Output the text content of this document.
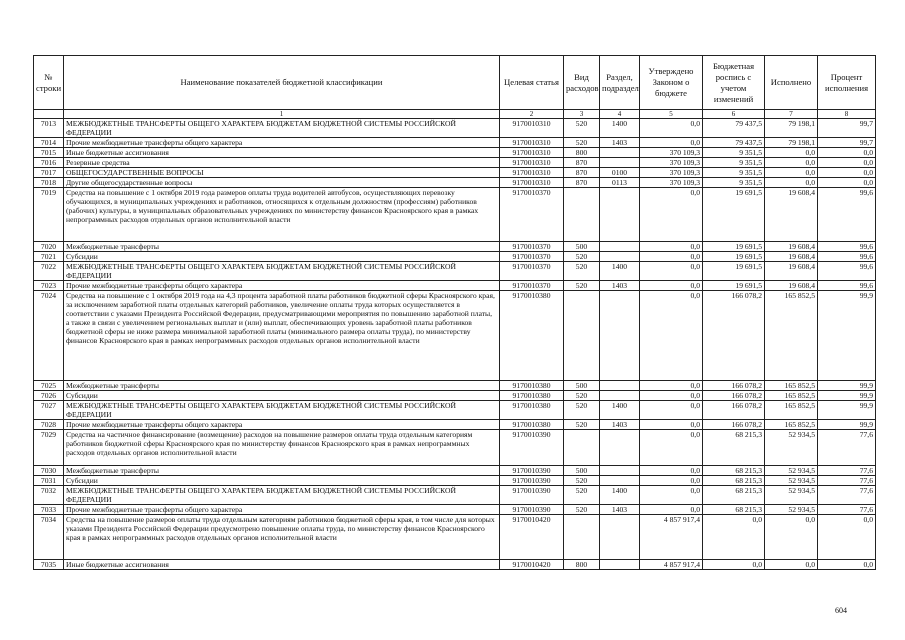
№ строки	Наименование показателей бюджетной классификации	Целевая статья	Вид расходов	Раздел, подраздел	Утверждено Законом о бюджете	Бюджетная роспись с учетом изменений	Исполнено	Процент исполнения
	1	2	3	4	5	6	7	8
7013	МЕЖБЮДЖЕТНЫЕ ТРАНСФЕРТЫ ОБЩЕГО ХАРАКТЕРА БЮДЖЕТАМ БЮДЖЕТНОЙ СИСТЕМЫ РОССИЙСКОЙ ФЕДЕРАЦИИ	9170010310	520	1400	0,0	79 437,5	79 198,1	99,7
7014	Прочие межбюджетные трансферты общего характера	9170010310	520	1403	0,0	79 437,5	79 198,1	99,7
7015	Иные бюджетные ассигнования	9170010310	800		370 109,3	9 351,5	0,0	0,0
7016	Резервные средства	9170010310	870		370 109,3	9 351,5	0,0	0,0
7017	ОБЩЕГОСУДАРСТВЕННЫЕ ВОПРОСЫ	9170010310	870	0100	370 109,3	9 351,5	0,0	0,0
7018	Другие общегосударственные вопросы	9170010310	870	0113	370 109,3	9 351,5	0,0	0,0
7019	Средства на повышение с 1 октября 2019 года размеров оплаты труда водителей автобусов, осуществляющих перевозку обучающихся, в муниципальных учреждениях и работников, относящихся к отдельным должностям (профессиям) работников (рабочих) культуры, в муниципальных образовательных учреждениях по министерству финансов Красноярского края в рамках непрограммных расходов отдельных органов исполнительной власти	9170010370			0,0	19 691,5	19 608,4	99,6
7020	Межбюджетные трансферты	9170010370	500		0,0	19 691,5	19 608,4	99,6
7021	Субсидии	9170010370	520		0,0	19 691,5	19 608,4	99,6
7022	МЕЖБЮДЖЕТНЫЕ ТРАНСФЕРТЫ ОБЩЕГО ХАРАКТЕРА БЮДЖЕТАМ БЮДЖЕТНОЙ СИСТЕМЫ РОССИЙСКОЙ ФЕДЕРАЦИИ	9170010370	520	1400	0,0	19 691,5	19 608,4	99,6
7023	Прочие межбюджетные трансферты общего характера	9170010370	520	1403	0,0	19 691,5	19 608,4	99,6
7024	Средства на повышение с 1 октября 2019 года на 4,3 процента заработной платы работников бюджетной сферы Красноярского края, за исключением заработной платы отдельных категорий работников, увеличение оплаты труда которых осуществляется в соответствии с указами Президента Российской Федерации, предусматривающими мероприятия по повышению заработной платы, а также в связи с увеличением региональных выплат и (или) выплат, обеспечивающих уровень заработной платы работников бюджетной сферы не ниже размера минимальной заработной платы (минимального размера оплаты труда), по министерству финансов Красноярского края в рамках непрограммных расходов отдельных органов исполнительной власти	9170010380			0,0	166 078,2	165 852,5	99,9
7025	Межбюджетные трансферты	9170010380	500		0,0	166 078,2	165 852,5	99,9
7026	Субсидии	9170010380	520		0,0	166 078,2	165 852,5	99,9
7027	МЕЖБЮДЖЕТНЫЕ ТРАНСФЕРТЫ ОБЩЕГО ХАРАКТЕРА БЮДЖЕТАМ БЮДЖЕТНОЙ СИСТЕМЫ РОССИЙСКОЙ ФЕДЕРАЦИИ	9170010380	520	1400	0,0	166 078,2	165 852,5	99,9
7028	Прочие межбюджетные трансферты общего характера	9170010380	520	1403	0,0	166 078,2	165 852,5	99,9
7029	Средства на частичное финансирование (возмещение) расходов на повышение размеров оплаты труда отдельным категориям работников бюджетной сферы Красноярского края по министерству финансов Красноярского края в рамках непрограммных расходов отдельных органов исполнительной власти	9170010390			0,0	68 215,3	52 934,5	77,6
7030	Межбюджетные трансферты	9170010390	500		0,0	68 215,3	52 934,5	77,6
7031	Субсидии	9170010390	520		0,0	68 215,3	52 934,5	77,6
7032	МЕЖБЮДЖЕТНЫЕ ТРАНСФЕРТЫ ОБЩЕГО ХАРАКТЕРА БЮДЖЕТАМ БЮДЖЕТНОЙ СИСТЕМЫ РОССИЙСКОЙ ФЕДЕРАЦИИ	9170010390	520	1400	0,0	68 215,3	52 934,5	77,6
7033	Прочие межбюджетные трансферты общего характера	9170010390	520	1403	0,0	68 215,3	52 934,5	77,6
7034	Средства на повышение размеров оплаты труда отдельным категориям работников бюджетной сферы края, в том числе для которых указами Президента Российской Федерации предусмотрено повышение оплаты труда, по министерству финансов Красноярского края в рамках непрограммных расходов отдельных органов исполнительной власти	9170010420			4 857 917,4	0,0	0,0	0,0
7035	Иные бюджетные ассигнования	9170010420	800		4 857 917,4	0,0	0,0	0,0
604
